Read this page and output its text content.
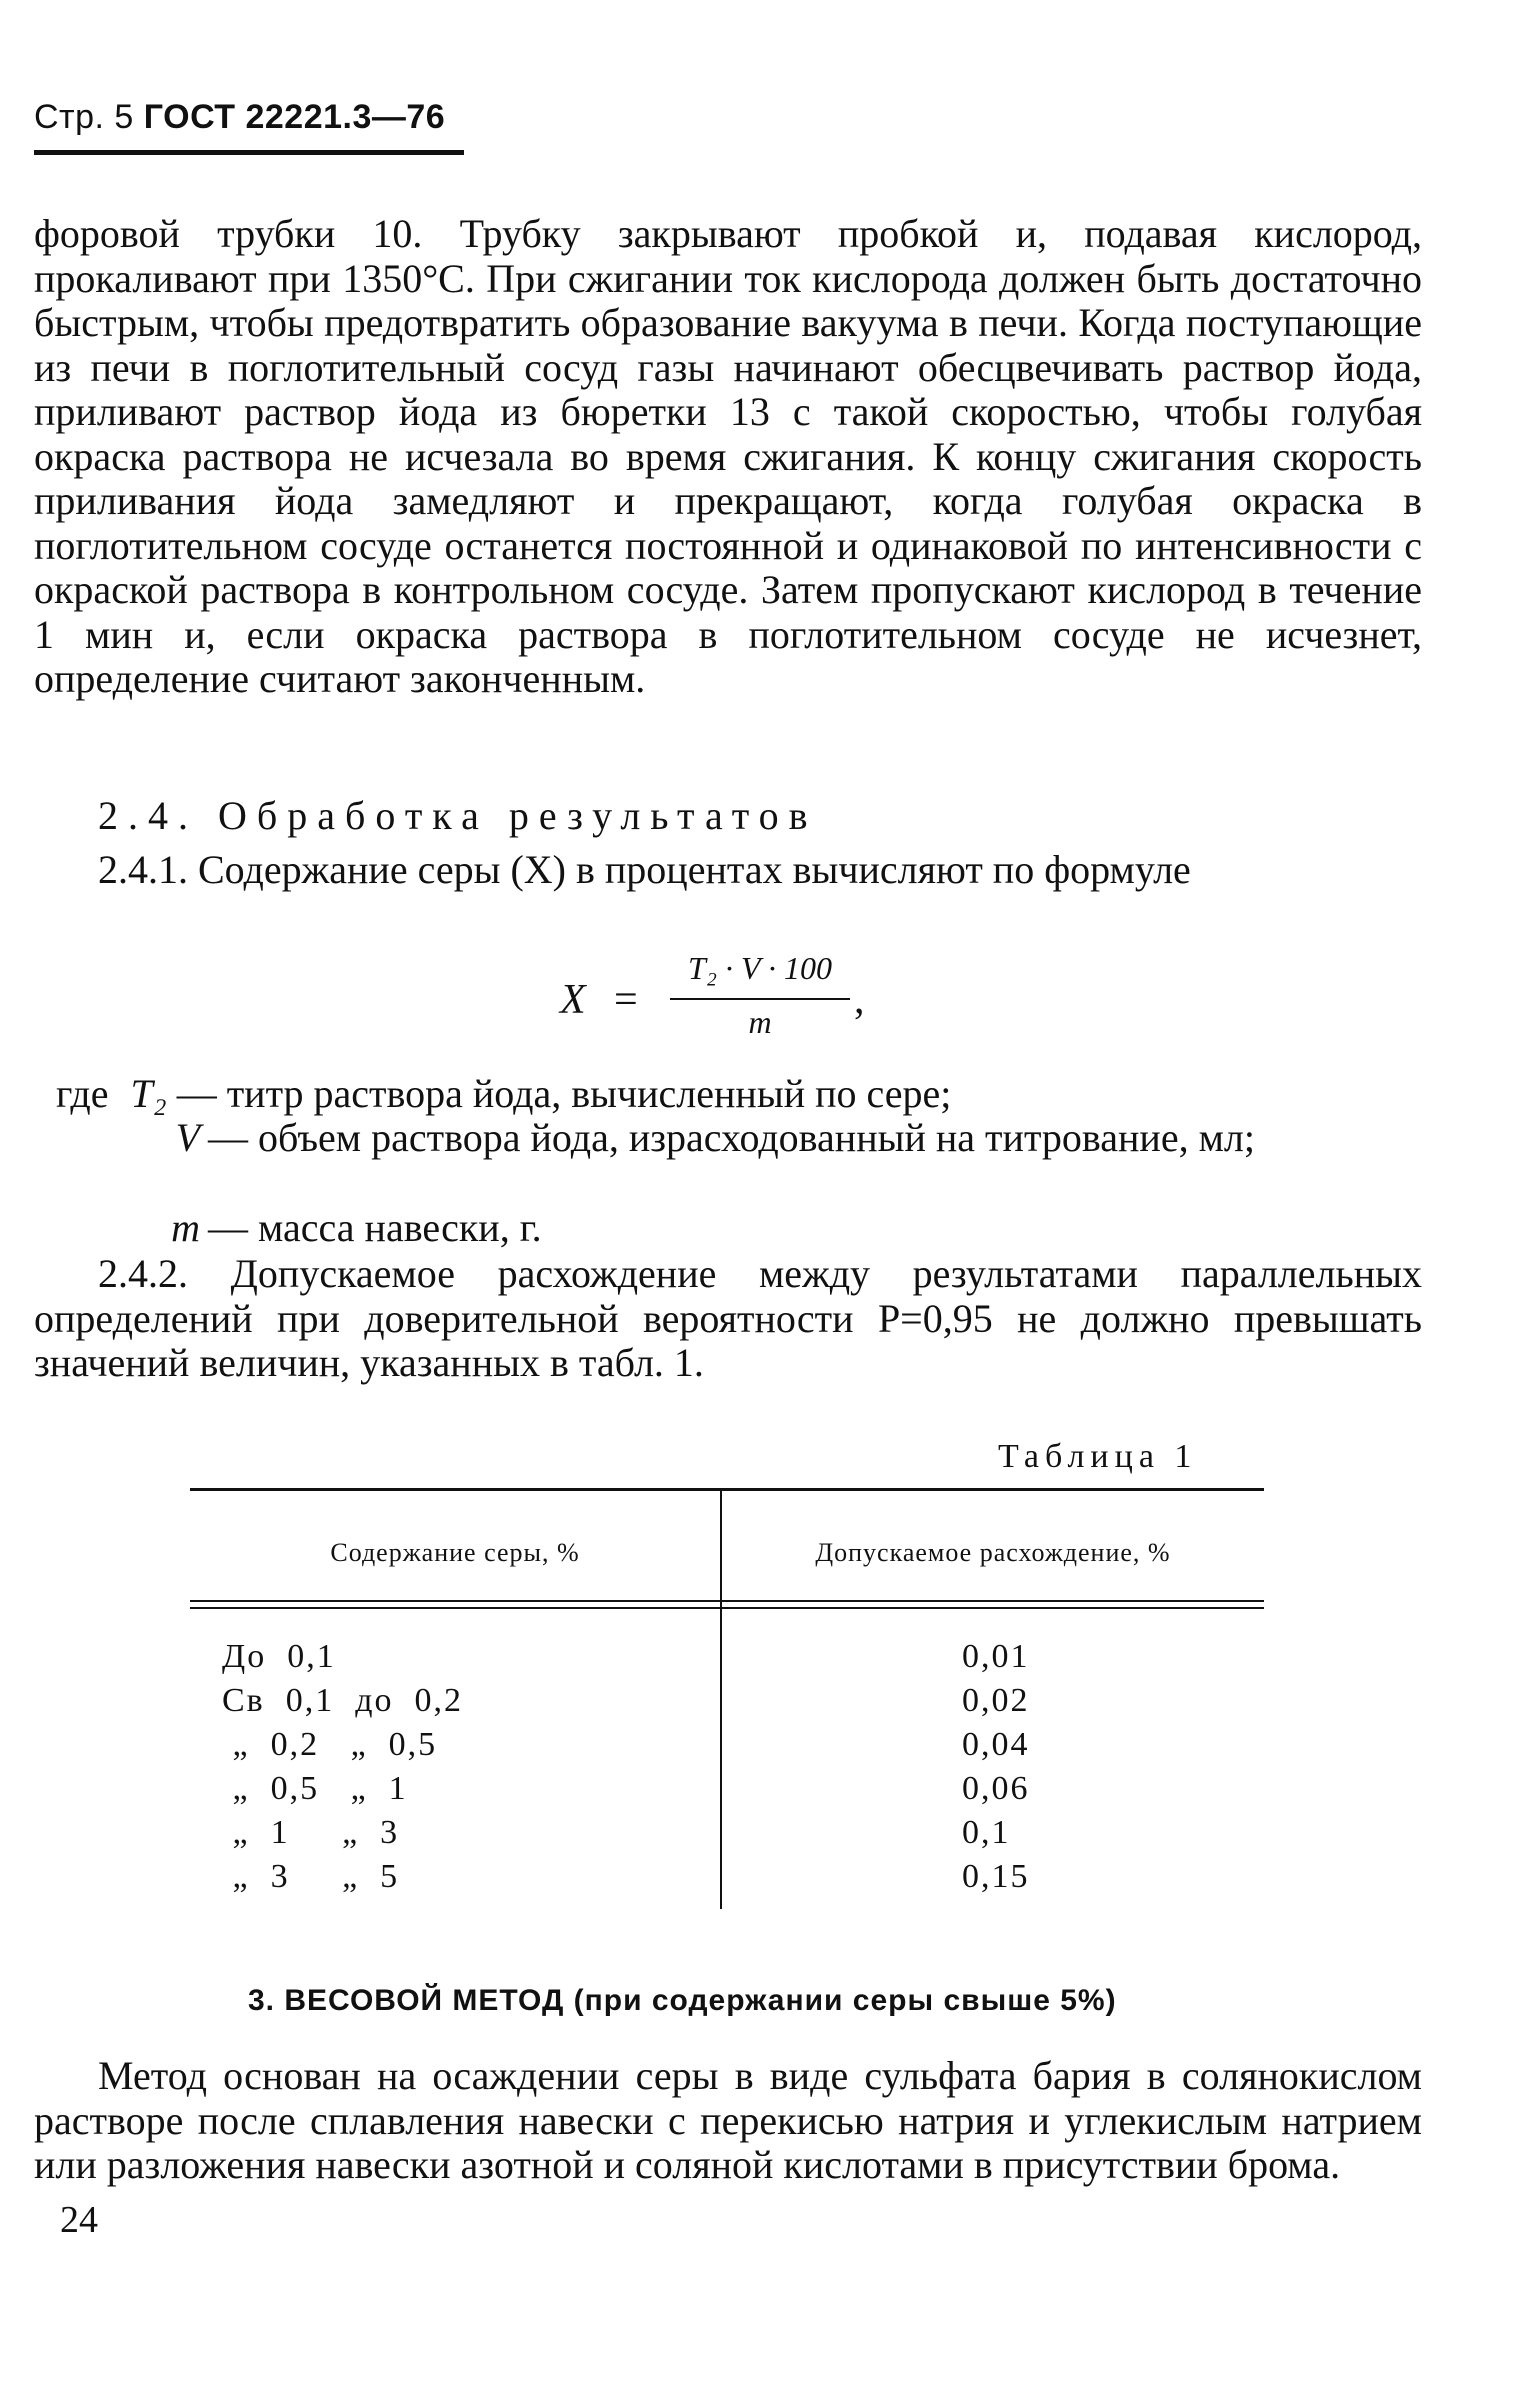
Стр. 5 ГОСТ 22221.3—76

форовой трубки 10. Трубку закрывают пробкой и, подавая кислород, прокаливают при 1350°С. При сжигании ток кислорода должен быть достаточно быстрым, чтобы предотвратить образование вакуума в печи. Когда поступающие из печи в поглотительный сосуд газы начинают обесцвечивать раствор йода, приливают раствор йода из бюретки 13 с такой скоростью, чтобы голубая окраска раствора не исчезала во время сжигания. К концу сжигания скорость приливания йода замедляют и прекращают, когда голубая окраска в поглотительном сосуде останется постоянной и одинаковой по интенсивности с окраской раствора в контрольном сосуде. Затем пропускают кислород в течение 1 мин и, если окраска раствора в поглотительном сосуде не исчезнет, определение считают законченным.

2.4. Обработка результатов

2.4.1. Содержание серы (X) в процентах вычисляют по формуле

X =
T₂ · V · 100
m	,
где T₂ — титр раствора йода, вычисленный по сере;
V — объем раствора йода, израсходованный на титрование, мл;
m — масса навески, г.

2.4.2. Допускаемое расхождение между результатами параллельных определений при доверительной вероятности P=0,95 не должно превышать значений величин, указанных в табл. 1.

Таблица 1
Содержание серы, %	Допускаемое расхождение, %
До  0,1	0,01
Св  0,1  до  0,2	0,02
„  0,2   „  0,5	0,04
„  0,5   „  1	0,06
„  1     „  3	0,1
„  3     „  5	0,15
3. ВЕСОВОЙ МЕТОД (при содержании серы свыше 5%)

Метод основан на осаждении серы в виде сульфата бария в солянокислом растворе после сплавления навески с перекисью натрия и углекислым натрием или разложения навески азотной и соляной кислотами в присутствии брома.

24
